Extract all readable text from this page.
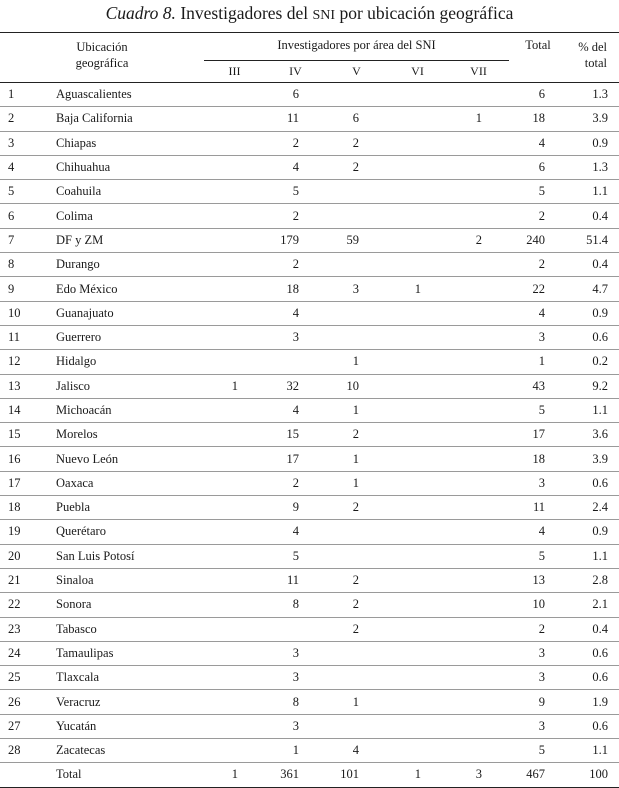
Cuadro 8. Investigadores del SNI por ubicación geográfica
Ubicación
geográfica		Investigadores por área del SNI					Total	% del
total
		III	IV	V	VI	VII		
1	Aguascalientes		6				6	1.3
2	Baja California		11	6		1	18	3.9
3	Chiapas		2	2			4	0.9
4	Chihuahua		4	2			6	1.3
5	Coahuila		5				5	1.1
6	Colima		2				2	0.4
7	DF y ZM		179	59		2	240	51.4
8	Durango		2				2	0.4
9	Edo México		18	3	1		22	4.7
10	Guanajuato		4				4	0.9
11	Guerrero		3				3	0.6
12	Hidalgo			1			1	0.2
13	Jalisco	1	32	10			43	9.2
14	Michoacán		4	1			5	1.1
15	Morelos		15	2			17	3.6
16	Nuevo León		17	1			18	3.9
17	Oaxaca		2	1			3	0.6
18	Puebla		9	2			11	2.4
19	Querétaro		4				4	0.9
20	San Luis Potosí		5				5	1.1
21	Sinaloa		11	2			13	2.8
22	Sonora		8	2			10	2.1
23	Tabasco			2			2	0.4
24	Tamaulipas		3				3	0.6
25	Tlaxcala		3				3	0.6
26	Veracruz		8	1			9	1.9
27	Yucatán		3				3	0.6
28	Zacatecas		1	4			5	1.1
	Total	1	361	101	1	3	467	100
